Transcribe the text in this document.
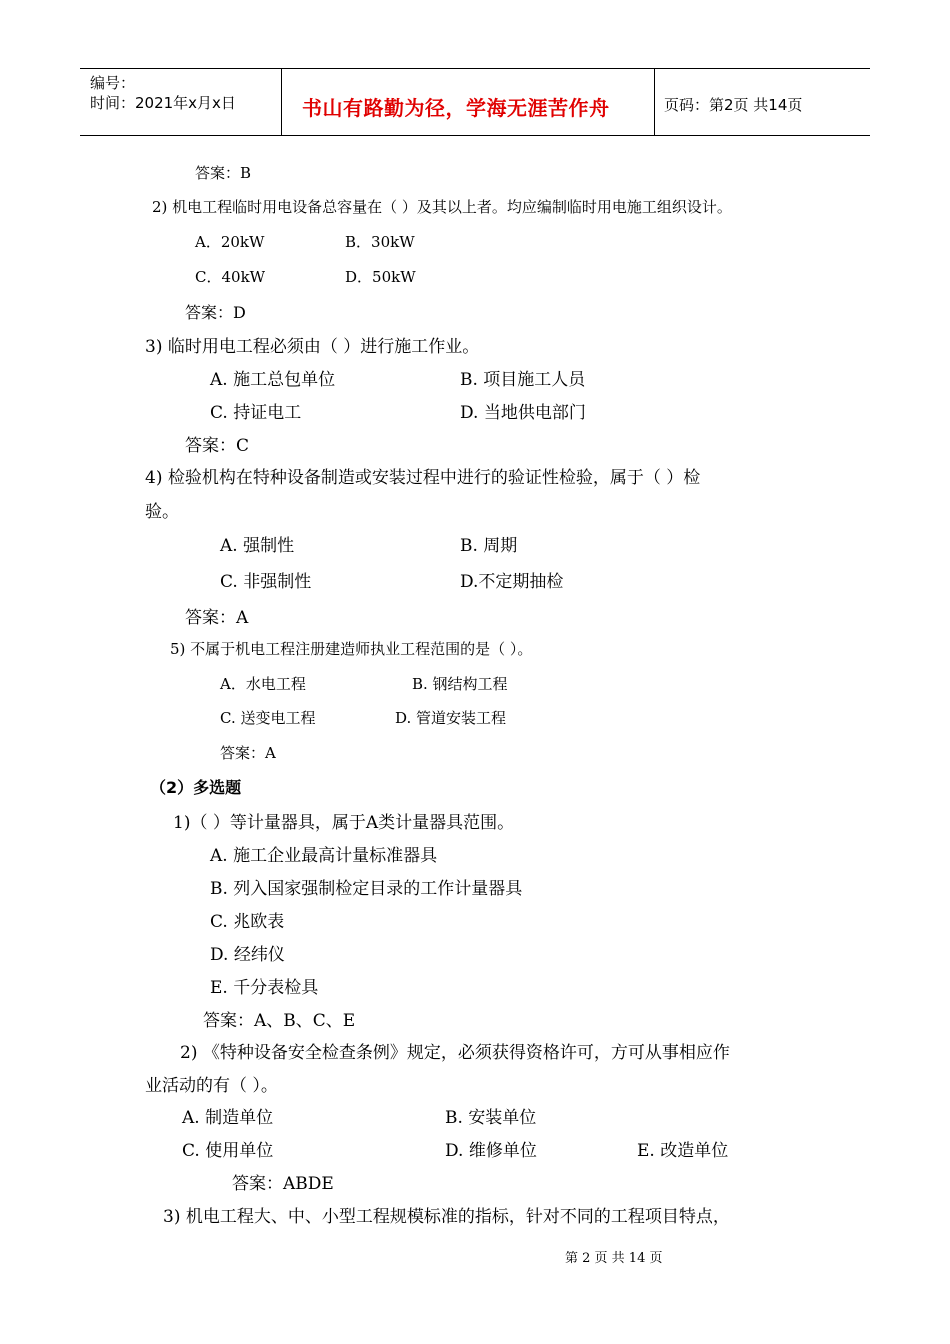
编号：
时间：2021年x月x日	书山有路勤为径，学海无涯苦作舟	页码：第2页 共14页
答案：B
2) 机电工程临时用电设备总容量在（ ）及其以上者。均应编制临时用电施工组织设计。
A．20kW	B．30kW
C．40kW	D．50kW
答案：D
3) 临时用电工程必须由（ ）进行施工作业。
A. 施工总包单位	B. 项目施工人员
C. 持证电工	D. 当地供电部门
答案：C
4) 检验机构在特种设备制造或安装过程中进行的验证性检验，属于（ ）检
验。
A. 强制性	B. 周期
C. 非强制性	D.不定期抽检
答案：A
5) 不属于机电工程注册建造师执业工程范围的是（ ）。
A．水电工程	B. 钢结构工程
C. 送变电工程	D. 管道安装工程
答案：A
（2）多选题
1)（ ）等计量器具，属于A类计量器具范围。
A. 施工企业最高计量标准器具
B. 列入国家强制检定目录的工作计量器具
C. 兆欧表
D. 经纬仪
E. 千分表检具
答案：A、B、C、E
2) 《特种设备安全检查条例》规定，必须获得资格许可，方可从事相应作
业活动的有（ ）。
A. 制造单位	B. 安装单位
C. 使用单位	D. 维修单位	E. 改造单位
答案：ABDE
3) 机电工程大、中、小型工程规模标准的指标，针对不同的工程项目特点，
第 2 页 共 14 页
